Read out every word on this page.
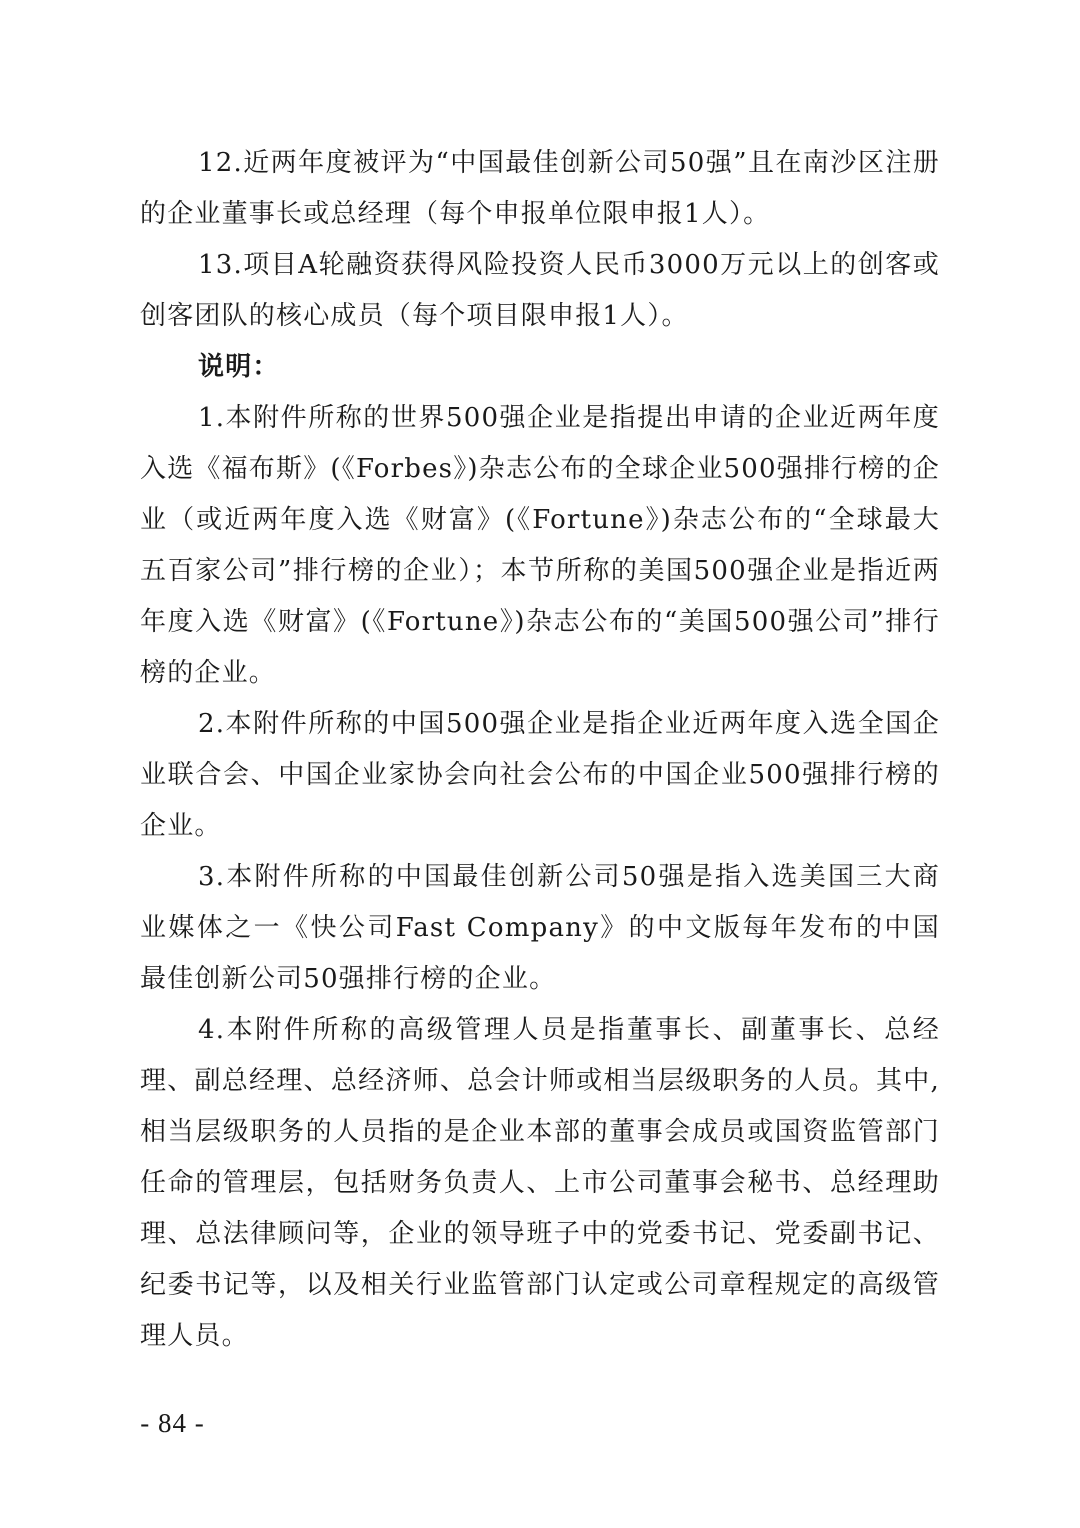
12.近两年度被评为“中国最佳创新公司50强”且在南沙区注册的企业董事长或总经理（每个申报单位限申报1人）。

13.项目A轮融资获得风险投资人民币3000万元以上的创客或创客团队的核心成员（每个项目限申报1人）。

说明：

1.本附件所称的世界500强企业是指提出申请的企业近两年度入选《福布斯》(《Forbes》)杂志公布的全球企业500强排行榜的企业（或近两年度入选《财富》(《Fortune》)杂志公布的“全球最大五百家公司”排行榜的企业）；本节所称的美国500强企业是指近两年度入选《财富》(《Fortune》)杂志公布的“美国500强公司”排行榜的企业。

2.本附件所称的中国500强企业是指企业近两年度入选全国企业联合会、中国企业家协会向社会公布的中国企业500强排行榜的企业。

3.本附件所称的中国最佳创新公司50强是指入选美国三大商业媒体之一《快公司Fast Company》的中文版每年发布的中国最佳创新公司50强排行榜的企业。

4.本附件所称的高级管理人员是指董事长、副董事长、总经理、副总经理、总经济师、总会计师或相当层级职务的人员。其中,相当层级职务的人员指的是企业本部的董事会成员或国资监管部门任命的管理层，包括财务负责人、上市公司董事会秘书、总经理助理、总法律顾问等，企业的领导班子中的党委书记、党委副书记、纪委书记等，以及相关行业监管部门认定或公司章程规定的高级管理人员。

- 84 -
